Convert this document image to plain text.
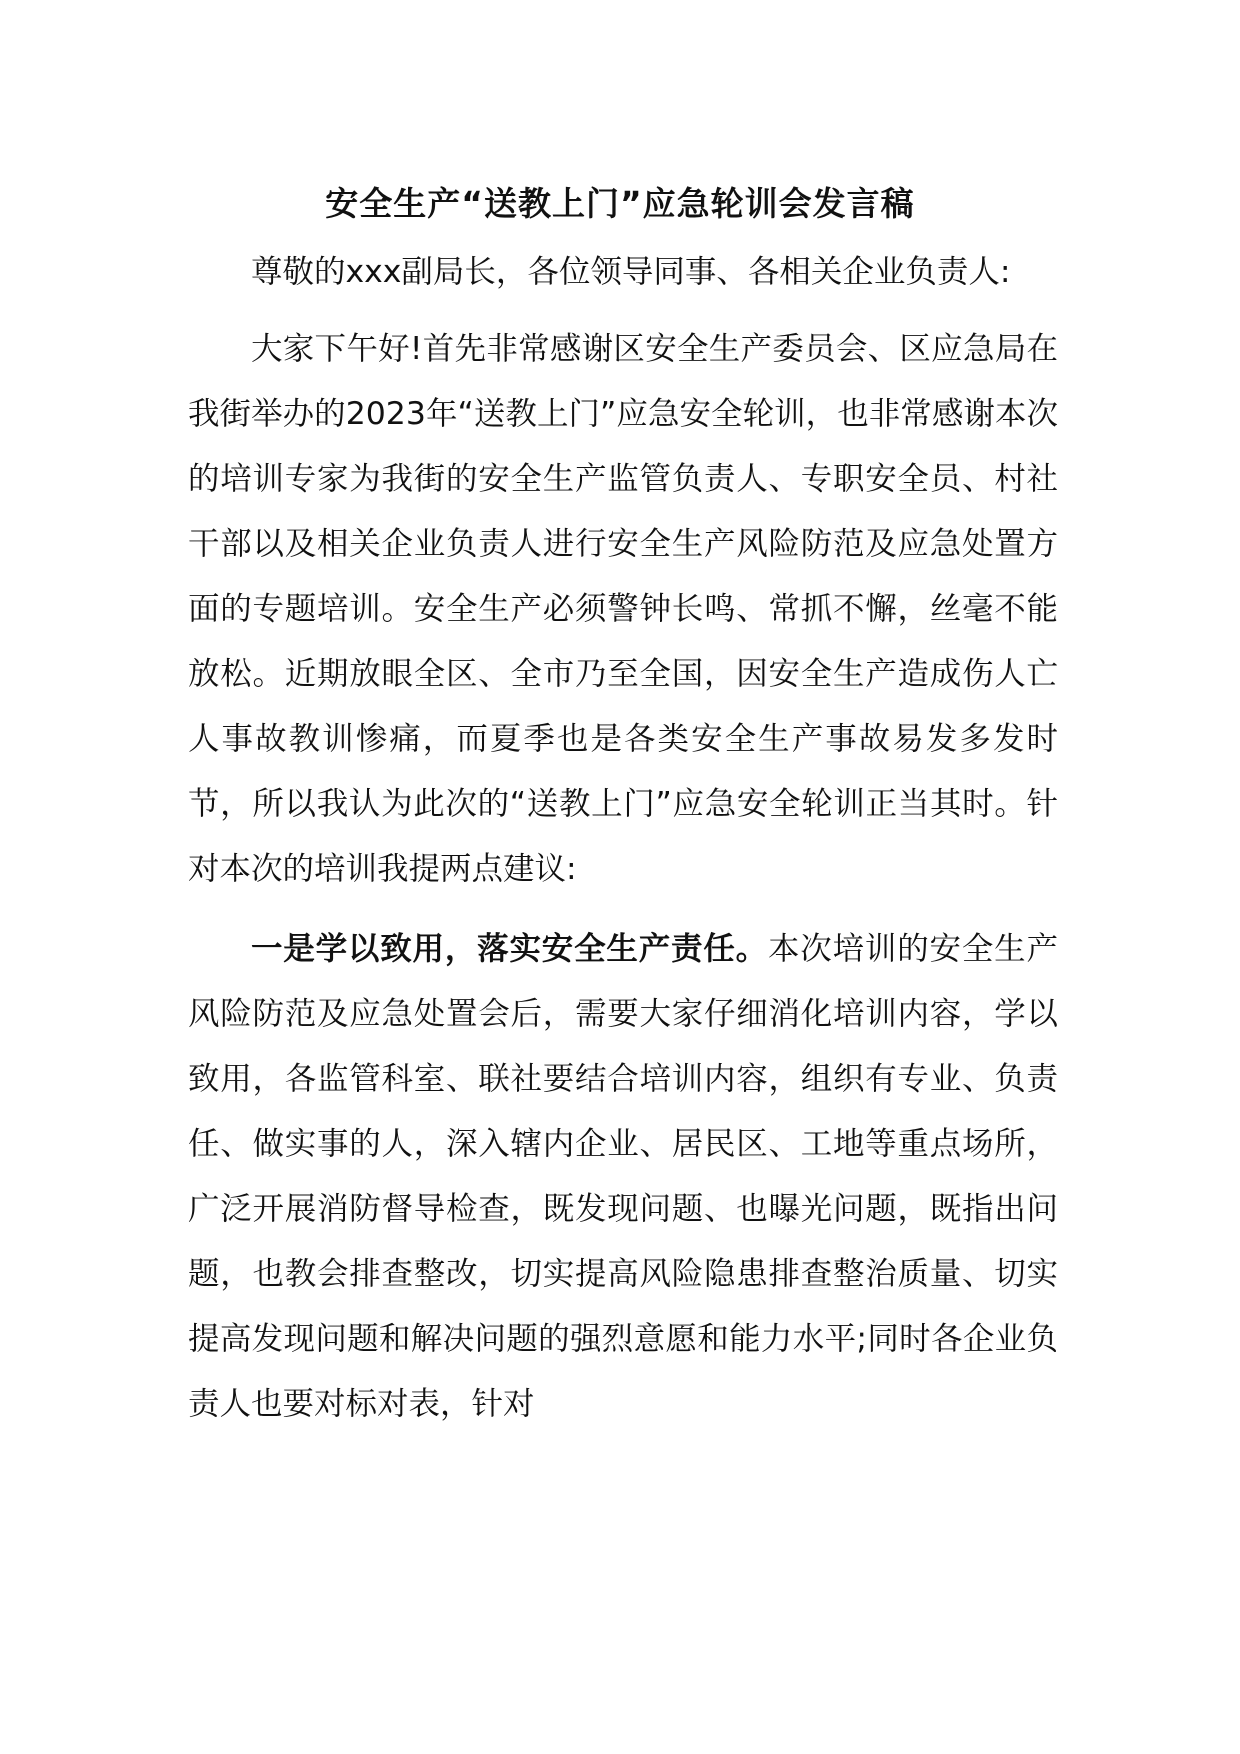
安全生产“送教上门”应急轮训会发言稿

尊敬的xxx副局长，各位领导同事、各相关企业负责人:

大家下午好!首先非常感谢区安全生产委员会、区应急局在我街举办的2023年“送教上门”应急安全轮训，也非常感谢本次的培训专家为我街的安全生产监管负责人、专职安全员、村社干部以及相关企业负责人进行安全生产风险防范及应急处置方面的专题培训。安全生产必须警钟长鸣、常抓不懈，丝毫不能放松。近期放眼全区、全市乃至全国，因安全生产造成伤人亡人事故教训惨痛，而夏季也是各类安全生产事故易发多发时节，所以我认为此次的“送教上门”应急安全轮训正当其时。针对本次的培训我提两点建议:

一是学以致用，落实安全生产责任。本次培训的安全生产风险防范及应急处置会后，需要大家仔细消化培训内容，学以致用，各监管科室、联社要结合培训内容，组织有专业、负责任、做实事的人，深入辖内企业、居民区、工地等重点场所，广泛开展消防督导检查，既发现问题、也曝光问题，既指出问题，也教会排查整改，切实提高风险隐患排查整治质量、切实提高发现问题和解决问题的强烈意愿和能力水平;同时各企业负责人也要对标对表，针对
